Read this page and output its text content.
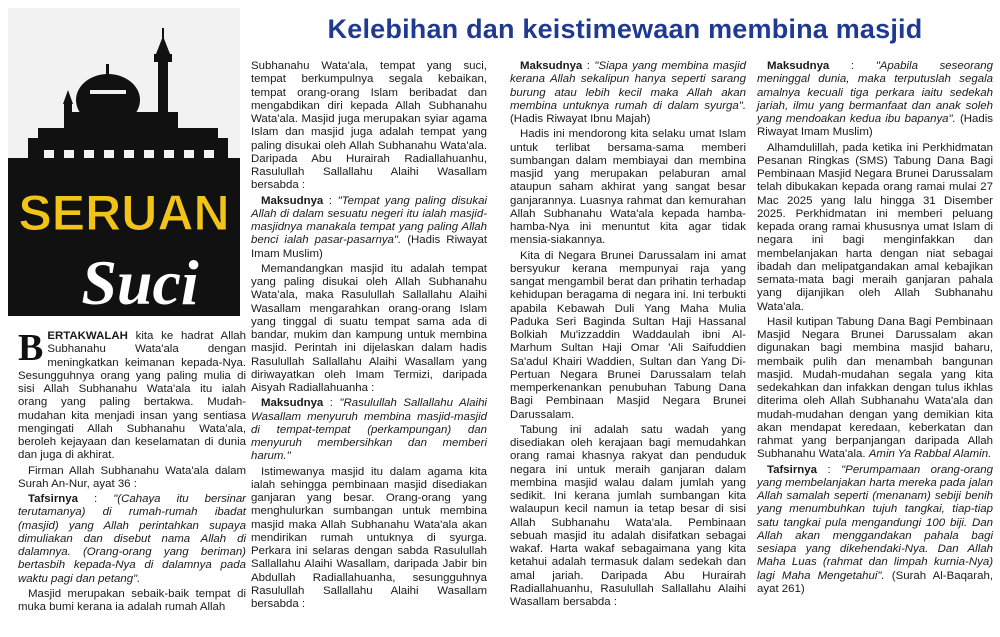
SERUAN
Suci
Kelebihan dan keistimewaan membina masjid

BERTAKWALAH kita ke hadrat Allah Subhanahu Wata'ala dengan meningkatkan keimanan kepada-Nya. Sesungguhnya orang yang paling mulia di sisi Allah Subhanahu Wata'ala itu ialah orang yang paling bertakwa. Mudah-mudahan kita menjadi insan yang sentiasa mengingati Allah Subhanahu Wata'ala, beroleh kejayaan dan keselamatan di dunia dan juga di akhirat.

Firman Allah Subhanahu Wata'ala dalam Surah An-Nur, ayat 36 :

Tafsirnya : "(Cahaya itu bersinar terutamanya) di rumah-rumah ibadat (masjid) yang Allah perintahkan supaya dimuliakan dan disebut nama Allah di dalamnya. (Orang-orang yang beriman) bertasbih kepada-Nya di dalamnya pada waktu pagi dan petang".

Masjid merupakan sebaik-baik tempat di muka bumi kerana ia adalah rumah Allah

Subhanahu Wata'ala, tempat yang suci, tempat berkumpulnya segala kebaikan, tempat orang-orang Islam beribadat dan mengabdikan diri kepada Allah Subhanahu Wata'ala. Masjid juga merupakan syiar agama Islam dan masjid juga adalah tempat yang paling disukai oleh Allah Subhanahu Wata'ala. Daripada Abu Hurairah Radiallahuanhu, Rasulullah Sallallahu Alaihi Wasallam bersabda :

Maksudnya : "Tempat yang paling disukai Allah di dalam sesuatu negeri itu ialah masjid-masjidnya manakala tempat yang paling Allah benci ialah pasar-pasarnya". (Hadis Riwayat Imam Muslim)

Memandangkan masjid itu adalah tempat yang paling disukai oleh Allah Subhanahu Wata'ala, maka Rasulullah Sallallahu Alaihi Wasallam mengarahkan orang-orang Islam yang tinggal di suatu tempat sama ada di bandar, mukim dan kampung untuk membina masjid. Perintah ini dijelaskan dalam hadis Rasulullah Sallallahu Alaihi Wasallam yang diriwayatkan oleh Imam Termizi, daripada Aisyah Radiallahuanha :

Maksudnya : "Rasulullah Sallallahu Alaihi Wasallam menyuruh membina masjid-masjid di tempat-tempat (perkampungan) dan menyuruh membersihkan dan memberi harum."

Istimewanya masjid itu dalam agama kita ialah sehingga pembinaan masjid disediakan ganjaran yang besar. Orang-orang yang menghulurkan sumbangan untuk membina masjid maka Allah Subhanahu Wata'ala akan mendirikan rumah untuknya di syurga. Perkara ini selaras dengan sabda Rasulullah Sallallahu Alaihi Wasallam, daripada Jabir bin Abdullah Radiallahuanha, sesungguhnya Rasulullah Sallallahu Alaihi Wasallam bersabda :

Maksudnya : "Siapa yang membina masjid kerana Allah sekalipun hanya seperti sarang burung atau lebih kecil maka Allah akan membina untuknya rumah di dalam syurga". (Hadis Riwayat Ibnu Majah)

Hadis ini mendorong kita selaku umat Islam untuk terlibat bersama-sama memberi sumbangan dalam membiayai dan membina masjid yang merupakan pelaburan amal ataupun saham akhirat yang sangat besar ganjarannya. Luasnya rahmat dan kemurahan Allah Subhanahu Wata'ala kepada hamba-hamba-Nya ini menuntut kita agar tidak mensia-siakannya.

Kita di Negara Brunei Darussalam ini amat bersyukur kerana mempunyai raja yang sangat mengambil berat dan prihatin terhadap kehidupan beragama di negara ini. Ini terbukti apabila Kebawah Duli Yang Maha Mulia Paduka Seri Baginda Sultan Haji Hassanal Bolkiah Mu'izzaddin Waddaulah ibni Al-Marhum Sultan Haji Omar 'Ali Saifuddien Sa'adul Khairi Waddien, Sultan dan Yang Di-Pertuan Negara Brunei Darussalam telah memperkenankan penubuhan Tabung Dana Bagi Pembinaan Masjid Negara Brunei Darussalam.

Tabung ini adalah satu wadah yang disediakan oleh kerajaan bagi memudahkan orang ramai khasnya rakyat dan penduduk negara ini untuk meraih ganjaran dalam membina masjid walau dalam jumlah yang sedikit. Ini kerana jumlah sumbangan kita walaupun kecil namun ia tetap besar di sisi Allah Subhanahu Wata'ala. Pembinaan sebuah masjid itu adalah disifatkan sebagai wakaf. Harta wakaf sebagaimana yang kita ketahui adalah termasuk dalam sedekah dan amal jariah. Daripada Abu Hurairah Radiallahuanhu, Rasulullah Sallallahu Alaihi Wasallam bersabda :

Maksudnya : "Apabila seseorang meninggal dunia, maka terputuslah segala amalnya kecuali tiga perkara iaitu sedekah jariah, ilmu yang bermanfaat dan anak soleh yang mendoakan kedua ibu bapanya". (Hadis Riwayat Imam Muslim)

Alhamdulillah, pada ketika ini Perkhidmatan Pesanan Ringkas (SMS) Tabung Dana Bagi Pembinaan Masjid Negara Brunei Darussalam telah dibukakan kepada orang ramai mulai 27 Mac 2025 yang lalu hingga 31 Disember 2025. Perkhidmatan ini memberi peluang kepada orang ramai khususnya umat Islam di negara ini bagi menginfakkan dan membelanjakan harta dengan niat sebagai ibadah dan melipatgandakan amal kebajikan semata-mata bagi meraih ganjaran pahala yang dijanjikan oleh Allah Subhanahu Wata'ala.

Hasil kutipan Tabung Dana Bagi Pembinaan Masjid Negara Brunei Darussalam akan digunakan bagi membina masjid baharu, membaik pulih dan menambah bangunan masjid. Mudah-mudahan segala yang kita sedekahkan dan infakkan dengan tulus ikhlas diterima oleh Allah Subhanahu Wata'ala dan mudah-mudahan dengan yang demikian kita akan mendapat keredaan, keberkatan dan rahmat yang berpanjangan daripada Allah Subhanahu Wata'ala. Amin Ya Rabbal Alamin.

Tafsirnya : "Perumpamaan orang-orang yang membelanjakan harta mereka pada jalan Allah samalah seperti (menanam) sebiji benih yang menumbuhkan tujuh tangkai, tiap-tiap satu tangkai pula mengandungi 100 biji. Dan Allah akan menggandakan pahala bagi sesiapa yang dikehendaki-Nya. Dan Allah Maha Luas (rahmat dan limpah kurnia-Nya) lagi Maha Mengetahui". (Surah Al-Baqarah, ayat 261)
